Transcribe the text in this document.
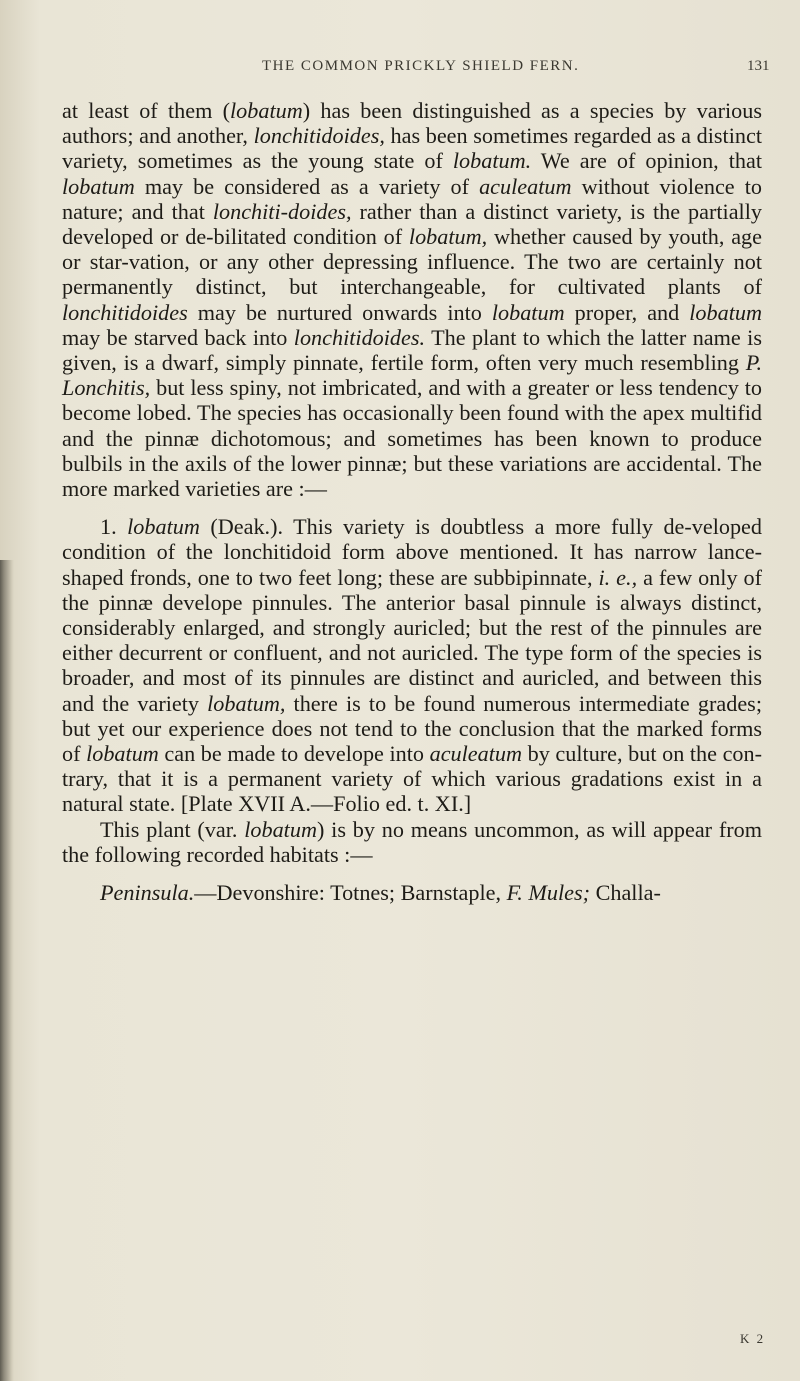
THE COMMON PRICKLY SHIELD FERN.	131

at least of them (lobatum) has been distinguished as a species by various authors; and another, lonchitidoides, has been sometimes regarded as a distinct variety, sometimes as the young state of lobatum. We are of opinion, that lobatum may be considered as a variety of aculeatum without violence to nature; and that lonchiti-doides, rather than a distinct variety, is the partially developed or de-bilitated condition of lobatum, whether caused by youth, age or star-vation, or any other depressing influence. The two are certainly not permanently distinct, but interchangeable, for cultivated plants of lonchitidoides may be nurtured onwards into lobatum proper, and lobatum may be starved back into lonchitidoides. The plant to which the latter name is given, is a dwarf, simply pinnate, fertile form, often very much resembling P. Lonchitis, but less spiny, not imbricated, and with a greater or less tendency to become lobed. The species has occasionally been found with the apex multifid and the pinnæ dichotomous; and sometimes has been known to produce bulbils in the axils of the lower pinnæ; but these variations are accidental. The more marked varieties are :—

1. lobatum (Deak.). This variety is doubtless a more fully de-veloped condition of the lonchitidoid form above mentioned. It has narrow lance-shaped fronds, one to two feet long; these are subbipinnate, i. e., a few only of the pinnæ develope pinnules. The anterior basal pinnule is always distinct, considerably enlarged, and strongly auricled; but the rest of the pinnules are either decurrent or confluent, and not auricled. The type form of the species is broader, and most of its pinnules are distinct and auricled, and between this and the variety lobatum, there is to be found numerous intermediate grades; but yet our experience does not tend to the conclusion that the marked forms of lobatum can be made to develope into aculeatum by culture, but on the con-trary, that it is a permanent variety of which various gradations exist in a natural state. [Plate XVII A.—Folio ed. t. XI.]

This plant (var. lobatum) is by no means uncommon, as will appear from the following recorded habitats :—

Peninsula.—Devonshire: Totnes; Barnstaple, F. Mules; Challa-

K 2
